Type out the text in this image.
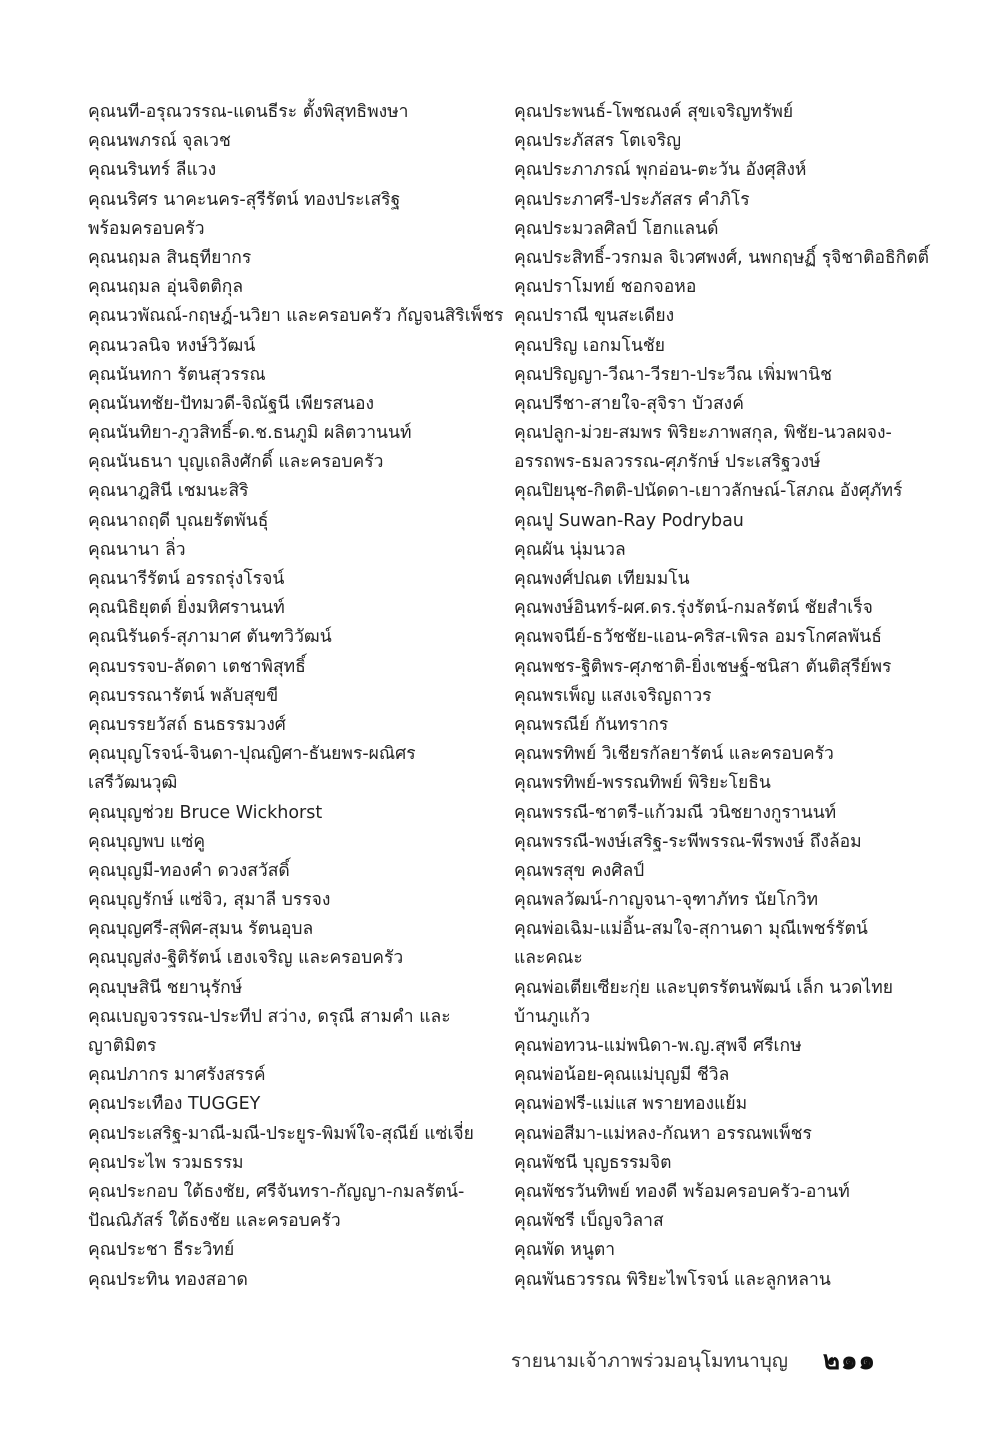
คุณนที-อรุณวรรณ-แดนธีระ ตั้งพิสุทธิพงษา
คุณนพภรณ์ จุลเวช
คุณนรินทร์ ลีแวง
คุณนริศร นาคะนคร-สุรีรัตน์ ทองประเสริฐ
พร้อมครอบครัว
คุณนฤมล สินธุทียากร
คุณนฤมล อุ่นจิตติกุล
คุณนวพัณณ์-กฤษฎ์-นวิยา และครอบครัว กัญจนสิริเพ็ชร
คุณนวลนิจ หงษ์วิวัฒน์
คุณนันทกา รัตนสุวรรณ
คุณนันทชัย-ปัทมวดี-จิณัฐนี เพียรสนอง
คุณนันทิยา-ภูวสิทธิ์-ด.ช.ธนภูมิ ผลิตวานนท์
คุณนันธนา บุญเถลิงศักดิ์ และครอบครัว
คุณนาฎสินี เชมนะสิริ
คุณนาถฤดี บุณยรัตพันธุ์
คุณนานา ลิ่ว
คุณนารีรัตน์ อรรถรุ่งโรจน์
คุณนิธิยุตต์ ยิ่งมหิศรานนท์
คุณนิรันดร์-สุภามาศ ตันฑวิวัฒน์
คุณบรรจบ-ลัดดา เตชาพิสุทธิ์
คุณบรรณารัตน์ พลับสุขขี
คุณบรรยวัสถ์ ธนธรรมวงศ์
คุณบุญโรจน์-จินดา-ปุณญิศา-ธันยพร-ผณิศร
เสรีวัฒนวุฒิ
คุณบุญช่วย Bruce Wickhorst
คุณบุญพบ แซ่คู
คุณบุญมี-ทองคำ ดวงสวัสดิ์
คุณบุญรักษ์ แซ่จิว, สุมาลี บรรจง
คุณบุญศรี-สุพิศ-สุมน รัตนอุบล
คุณบุญส่ง-ฐิติรัตน์ เฮงเจริญ และครอบครัว
คุณบุษสินี ชยานุรักษ์
คุณเบญจวรรณ-ประทีป สว่าง, ดรุณี สามคำ และ
ญาติมิตร
คุณปภากร มาศรังสรรค์
คุณประเทือง TUGGEY
คุณประเสริฐ-มาณี-มณี-ประยูร-พิมพ์ใจ-สุณีย์ แซ่เจี่ย
คุณประไพ รวมธรรม
คุณประกอบ ใต้ธงชัย, ศรีจันทรา-กัญญา-กมลรัตน์-
ปัณณิภัสร์ ใต้ธงชัย และครอบครัว
คุณประชา ธีระวิทย์
คุณประทิน ทองสอาด
คุณประพนธ์-โพชณงค์ สุขเจริญทรัพย์
คุณประภัสสร โตเจริญ
คุณประภาภรณ์ พุกอ่อน-ตะวัน อังศุสิงห์
คุณประภาศรี-ประภัสสร คำภิโร
คุณประมวลศิลป์ โฮกแลนด์
คุณประสิทธิ์-วรกมล จิเวศพงศ์, นพกฤษฏิ์ รุจิชาติอธิกิตติ์
คุณปราโมทย์ ชอกจอหอ
คุณปราณี ขุนสะเดียง
คุณปริญ เอกมโนชัย
คุณปริญญา-วีณา-วีรยา-ประวีณ เพิ่มพานิช
คุณปรีชา-สายใจ-สุจิรา บัวสงค์
คุณปลูก-ม่วย-สมพร พิริยะภาพสกุล, พิชัย-นวลผจง-
อรรถพร-ธมลวรรณ-ศุภรักษ์ ประเสริฐวงษ์
คุณปิยนุช-กิตติ-ปนัดดา-เยาวลักษณ์-โสภณ อังศุภัทร์
คุณปู Suwan-Ray Podrybau
คุณผัน นุ่มนวล
คุณพงศ์ปณต เทียมมโน
คุณพงษ์อินทร์-ผศ.ดร.รุ่งรัตน์-กมลรัตน์ ชัยสำเร็จ
คุณพจนีย์-ธวัชชัย-แอน-คริส-เพิรล อมรโกศลพันธ์
คุณพชร-ฐิติพร-ศุภชาติ-ยิ่งเชษฐ์-ชนิสา ตันติสุรีย์พร
คุณพรเพ็ญ แสงเจริญถาวร
คุณพรณีย์ กันทรากร
คุณพรทิพย์ วิเชียรกัลยารัตน์ และครอบครัว
คุณพรทิพย์-พรรณทิพย์ พิริยะโยธิน
คุณพรรณี-ชาตรี-แก้วมณี วนิชยางกูรานนท์
คุณพรรณี-พงษ์เสริฐ-ระพีพรรณ-พีรพงษ์ ถึงล้อม
คุณพรสุข คงศิลป์
คุณพลวัฒน์-กาญจนา-จุฑาภัทร นัยโกวิท
คุณพ่อเฉิม-แม่อิ้น-สมใจ-สุกานดา มุณีเพชร์รัตน์
และคณะ
คุณพ่อเตียเซียะกุ่ย และบุตรรัตนพัฒน์ เล็ก นวดไทย
บ้านภูแก้ว
คุณพ่อทวน-แม่พนิดา-พ.ญ.สุพจี ศรีเกษ
คุณพ่อน้อย-คุณแม่บุญมี ชีวิล
คุณพ่อฟรี-แม่แส พรายทองแย้ม
คุณพ่อสีมา-แม่หลง-กัณหา อรรณพเพ็ชร
คุณพัชนี บุญธรรมจิต
คุณพัชรวันทิพย์ ทองดี พร้อมครอบครัว-อานท์
คุณพัชรี เบ็ญจวิลาส
คุณพัด หนูตา
คุณพันธวรรณ พิริยะไพโรจน์ และลูกหลาน
รายนามเจ้าภาพร่วมอนุโมทนาบุญ ๒๑๑
